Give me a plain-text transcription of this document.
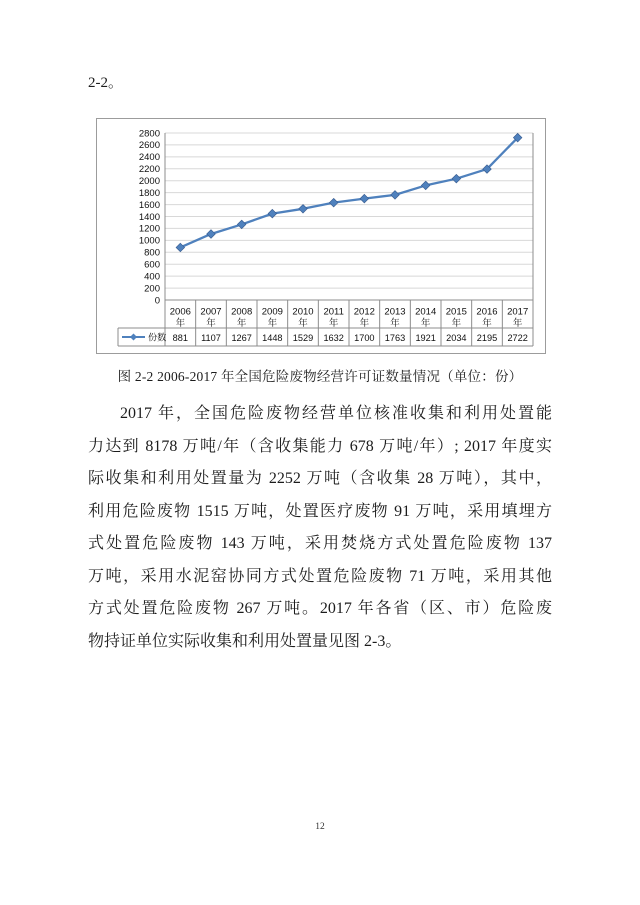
2-2。
0
200
400
600
800
1000
1200
1400
1600
1800
2000
2200
2400
2600
2800
2006
年
881
2007
年
1107
2008
年
1267
2009
年
1448
2010
年
1529
2011
年
1632
2012
年
1700
2013
年
1763
2014
年
1921
2015
年
2034
2016
年
2195
2017
年
2722
份数
图 2-2 2006-2017 年全国危险废物经营许可证数量情况（单位：份）
2017 年，全国危险废物经营单位核准收集和利用处置能
力达到 8178 万吨/年（含收集能力 678 万吨/年）; 2017 年度实
际收集和利用处置量为 2252 万吨（含收集 28 万吨），其中，
利用危险废物 1515 万吨，处置医疗废物 91 万吨，采用填埋方
式处置危险废物 143 万吨，采用焚烧方式处置危险废物 137
万吨，采用水泥窑协同方式处置危险废物 71 万吨，采用其他
方式处置危险废物 267 万吨。2017 年各省（区、市）危险废
物持证单位实际收集和利用处置量见图 2-3。
12
